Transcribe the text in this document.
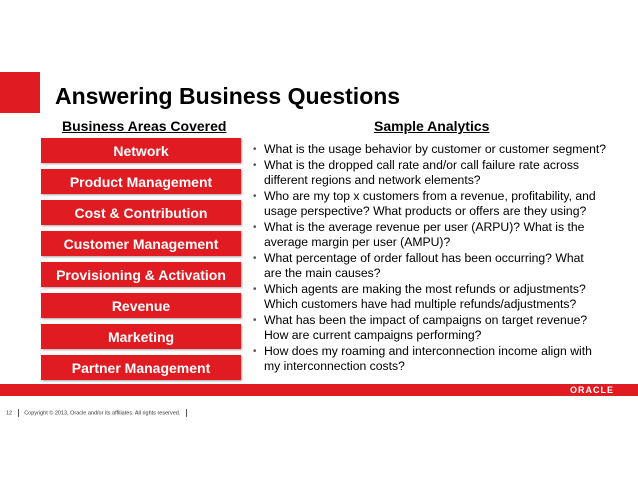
Answering Business Questions
Business Areas Covered	Sample Analytics
Network
Product Management
Cost & Contribution
Customer Management
Provisioning & Activation
Revenue
Marketing
Partner Management
• What is the usage behavior by customer or customer segment?
• What is the dropped call rate and/or call failure rate across
different regions and network elements?
• Who are my top x customers from a revenue, profitability, and
usage perspective? What products or offers are they using?
• What is the average revenue per user (ARPU)? What is the
average margin per user (AMPU)?
• What percentage of order fallout has been occurring? What
are the main causes?
• Which agents are making the most refunds or adjustments?
Which customers have had multiple refunds/adjustments?
• What has been the impact of campaigns on target revenue?
How are current campaigns performing?
• How does my roaming and interconnection income align with
my interconnection costs?
ORACLE
12 Copyright © 2013, Oracle and/or its affiliates. All rights reserved.
